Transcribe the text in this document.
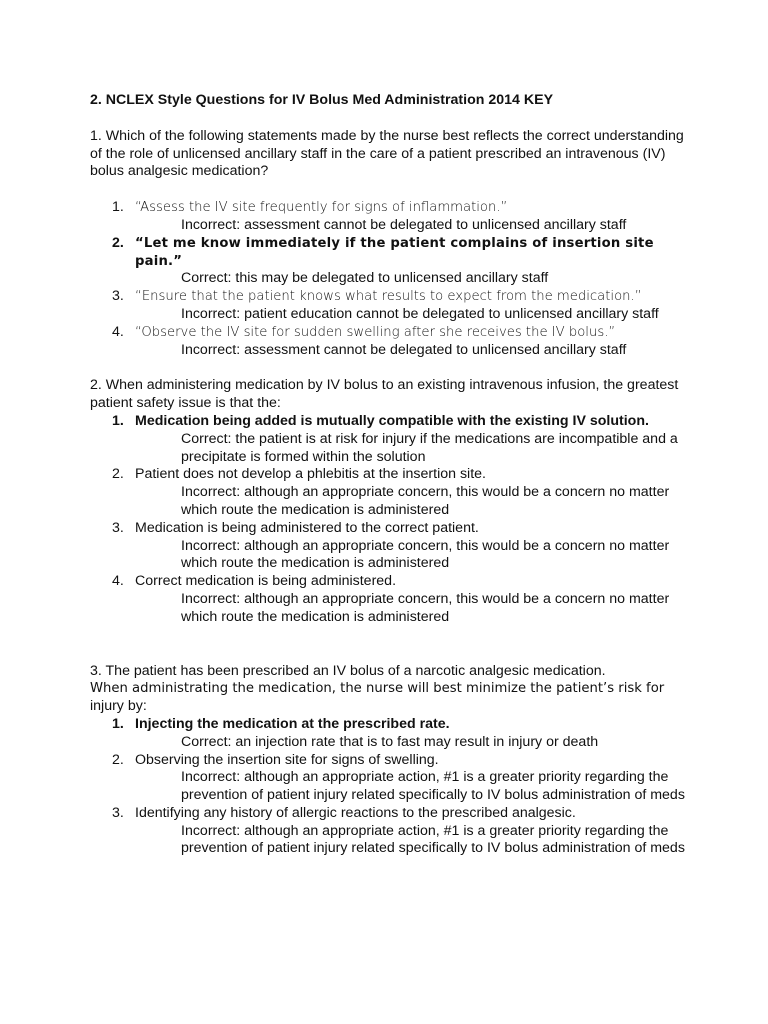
2. NCLEX Style Questions for IV Bolus Med Administration 2014 KEY
1. Which of the following statements made by the nurse best reflects the correct understanding of the role of unlicensed ancillary staff in the care of a patient prescribed an intravenous (IV) bolus analgesic medication?
1. “Assess the IV site frequently for signs of inflammation.”
Incorrect: assessment cannot be delegated to unlicensed ancillary staff
2. “Let me know immediately if the patient complains of insertion site pain.”
Correct: this may be delegated to unlicensed ancillary staff
3. “Ensure that the patient knows what results to expect from the medication.”
Incorrect: patient education cannot be delegated to unlicensed ancillary staff
4. “Observe the IV site for sudden swelling after she receives the IV bolus.”
Incorrect: assessment cannot be delegated to unlicensed ancillary staff
2. When administering medication by IV bolus to an existing intravenous infusion, the greatest patient safety issue is that the:
1. Medication being added is mutually compatible with the existing IV solution.
Correct: the patient is at risk for injury if the medications are incompatible and a precipitate is formed within the solution
2. Patient does not develop a phlebitis at the insertion site.
Incorrect: although an appropriate concern, this would be a concern no matter which route the medication is administered
3. Medication is being administered to the correct patient.
Incorrect: although an appropriate concern, this would be a concern no matter which route the medication is administered
4. Correct medication is being administered.
Incorrect: although an appropriate concern, this would be a concern no matter which route the medication is administered
3. The patient has been prescribed an IV bolus of a narcotic analgesic medication.
When administrating the medication, the nurse will best minimize the patient’s risk for
injury by:
1. Injecting the medication at the prescribed rate.
Correct: an injection rate that is to fast may result in injury or death
2. Observing the insertion site for signs of swelling.
Incorrect: although an appropriate action, #1 is a greater priority regarding the prevention of patient injury related specifically to IV bolus administration of meds
3. Identifying any history of allergic reactions to the prescribed analgesic.
Incorrect: although an appropriate action, #1 is a greater priority regarding the prevention of patient injury related specifically to IV bolus administration of meds
